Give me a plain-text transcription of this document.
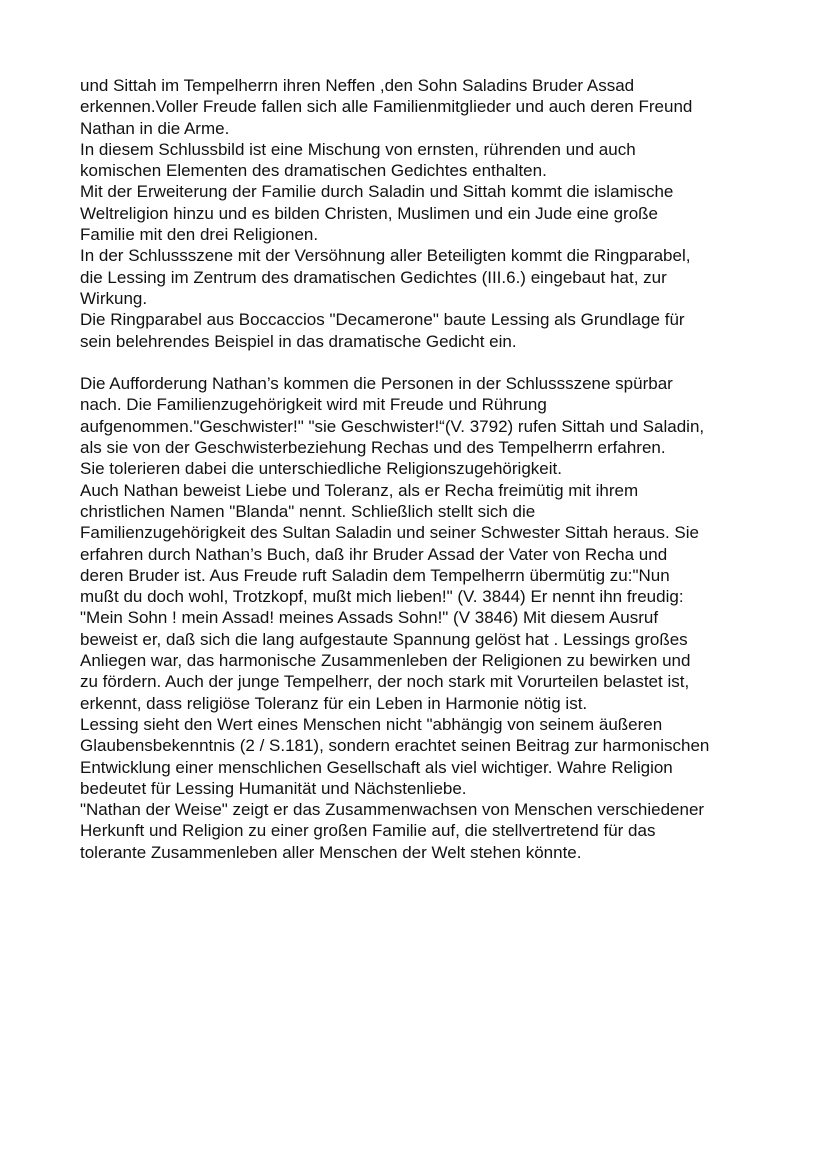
und Sittah im Tempelherrn ihren Neffen ,den Sohn Saladins Bruder Assad
erkennen.Voller Freude fallen sich alle Familienmitglieder und auch deren Freund
Nathan in die Arme.
In diesem Schlussbild ist eine Mischung von ernsten, rührenden und auch
komischen Elementen des dramatischen Gedichtes enthalten.
Mit der Erweiterung der Familie durch Saladin und Sittah kommt die islamische
Weltreligion hinzu und es bilden Christen, Muslimen und ein Jude eine große
Familie mit den drei Religionen.
In der Schlussszene mit der Versöhnung aller Beteiligten kommt die Ringparabel,
die Lessing im Zentrum des dramatischen Gedichtes (III.6.) eingebaut hat, zur
Wirkung.
Die Ringparabel aus Boccaccios "Decamerone" baute Lessing als Grundlage für
sein belehrendes Beispiel in das dramatische Gedicht ein.
Die Aufforderung Nathan’s kommen die Personen in der Schlussszene spürbar
nach. Die Familienzugehörigkeit wird mit Freude und Rührung
aufgenommen."Geschwister!" "sie Geschwister!“(V. 3792) rufen Sittah und Saladin,
als sie von der Geschwisterbeziehung Rechas und des Tempelherrn erfahren.
Sie tolerieren dabei die unterschiedliche Religionszugehörigkeit.
Auch Nathan beweist Liebe und Toleranz, als er Recha freimütig mit ihrem
christlichen Namen "Blanda" nennt. Schließlich stellt sich die
Familienzugehörigkeit des Sultan Saladin und seiner Schwester Sittah heraus. Sie
erfahren durch Nathan’s Buch, daß ihr Bruder Assad der Vater von Recha und
deren Bruder ist. Aus Freude ruft Saladin dem Tempelherrn übermütig zu:"Nun
mußt du doch wohl, Trotzkopf, mußt mich lieben!" (V. 3844) Er nennt ihn freudig:
"Mein Sohn ! mein Assad! meines Assads Sohn!" (V 3846) Mit diesem Ausruf
beweist er, daß sich die lang aufgestaute Spannung gelöst hat . Lessings großes
Anliegen war, das harmonische Zusammenleben der Religionen zu bewirken und
zu fördern. Auch der junge Tempelherr, der noch stark mit Vorurteilen belastet ist,
erkennt, dass religiöse Toleranz für ein Leben in Harmonie nötig ist.
Lessing sieht den Wert eines Menschen nicht "abhängig von seinem äußeren
Glaubensbekenntnis (2 / S.181), sondern erachtet seinen Beitrag zur harmonischen
Entwicklung einer menschlichen Gesellschaft als viel wichtiger. Wahre Religion
bedeutet für Lessing Humanität und Nächstenliebe.
"Nathan der Weise" zeigt er das Zusammenwachsen von Menschen verschiedener
Herkunft und Religion zu einer großen Familie auf, die stellvertretend für das
tolerante Zusammenleben aller Menschen der Welt stehen könnte.
